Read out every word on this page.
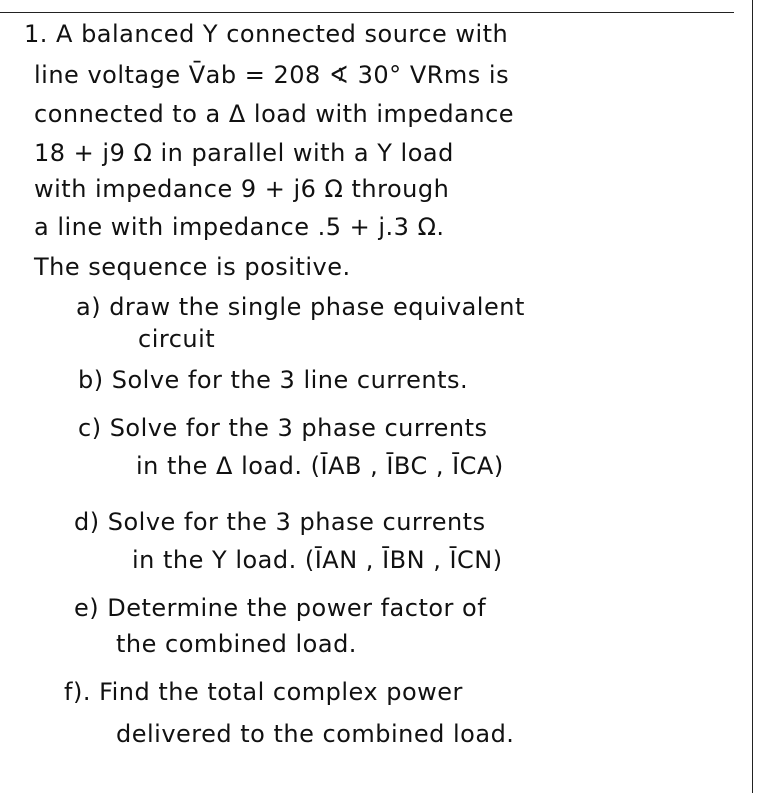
1. A balanced Y connected source with
line voltage V̄ab = 208 ∢ 30° VRms is
connected to a Δ load with impedance
18 + j9 Ω in parallel with a Y load
with impedance 9 + j6 Ω through
a line with impedance .5 + j.3 Ω.
The sequence is positive.
a) draw the single phase equivalent
circuit
b) Solve for the 3 line currents.
c) Solve for the 3 phase currents
in the Δ load. (ĪAB , ĪBC , ĪCA)
d) Solve for the 3 phase currents
in the Y load. (ĪAN , ĪBN , ĪCN)
e) Determine the power factor of
the combined load.
f). Find the total complex power
delivered to the combined load.
